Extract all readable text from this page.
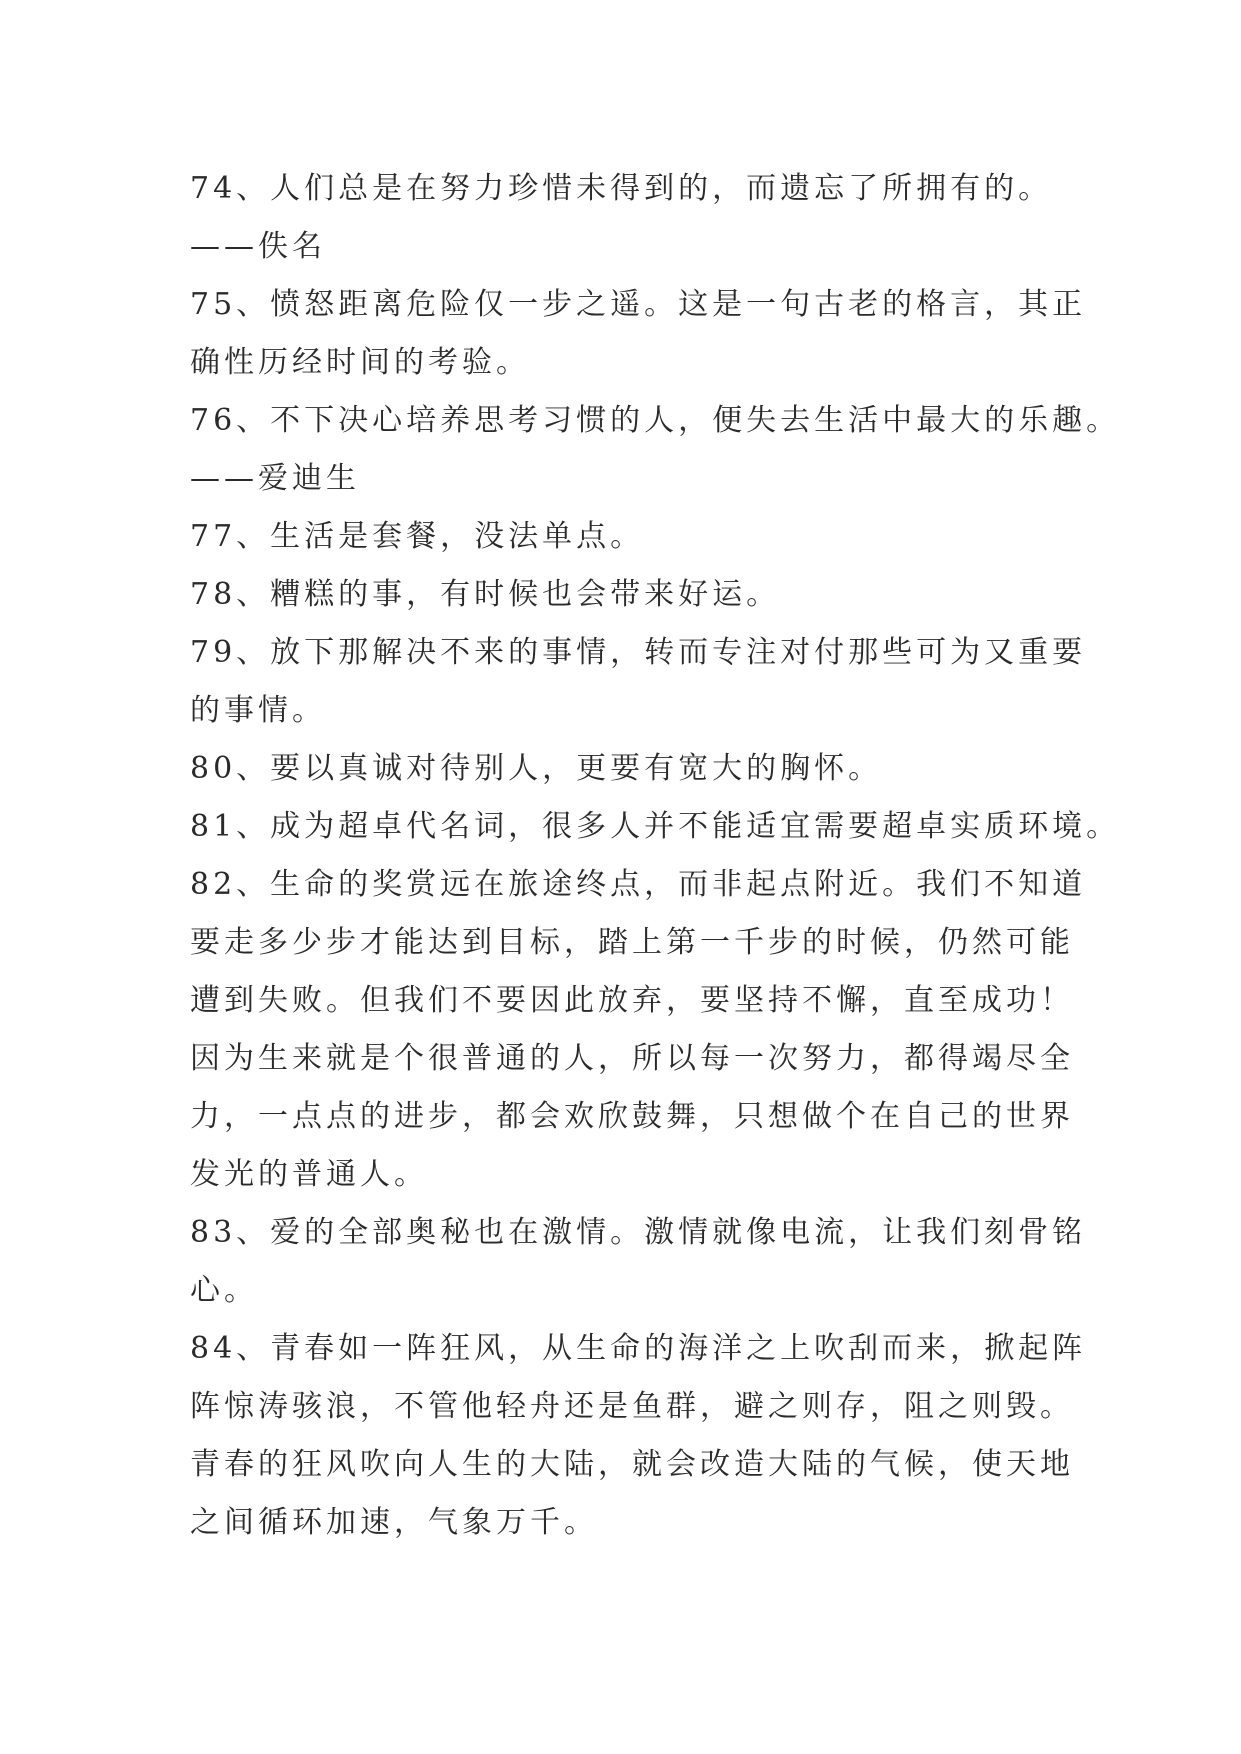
74、人们总是在努力珍惜未得到的，而遗忘了所拥有的。
——佚名
75、愤怒距离危险仅一步之遥。这是一句古老的格言，其正
确性历经时间的考验。
76、不下决心培养思考习惯的人，便失去生活中最大的乐趣。
——爱迪生
77、生活是套餐，没法单点。
78、糟糕的事，有时候也会带来好运。
79、放下那解决不来的事情，转而专注对付那些可为又重要
的事情。
80、要以真诚对待别人，更要有宽大的胸怀。
81、成为超卓代名词，很多人并不能适宜需要超卓实质环境。
82、生命的奖赏远在旅途终点，而非起点附近。我们不知道
要走多少步才能达到目标，踏上第一千步的时候，仍然可能
遭到失败。但我们不要因此放弃，要坚持不懈，直至成功！
因为生来就是个很普通的人，所以每一次努力，都得竭尽全
力，一点点的进步，都会欢欣鼓舞，只想做个在自己的世界
发光的普通人。
83、爱的全部奥秘也在激情。激情就像电流，让我们刻骨铭
心。
84、青春如一阵狂风，从生命的海洋之上吹刮而来，掀起阵
阵惊涛骇浪，不管他轻舟还是鱼群，避之则存，阻之则毁。
青春的狂风吹向人生的大陆，就会改造大陆的气候，使天地
之间循环加速，气象万千。
